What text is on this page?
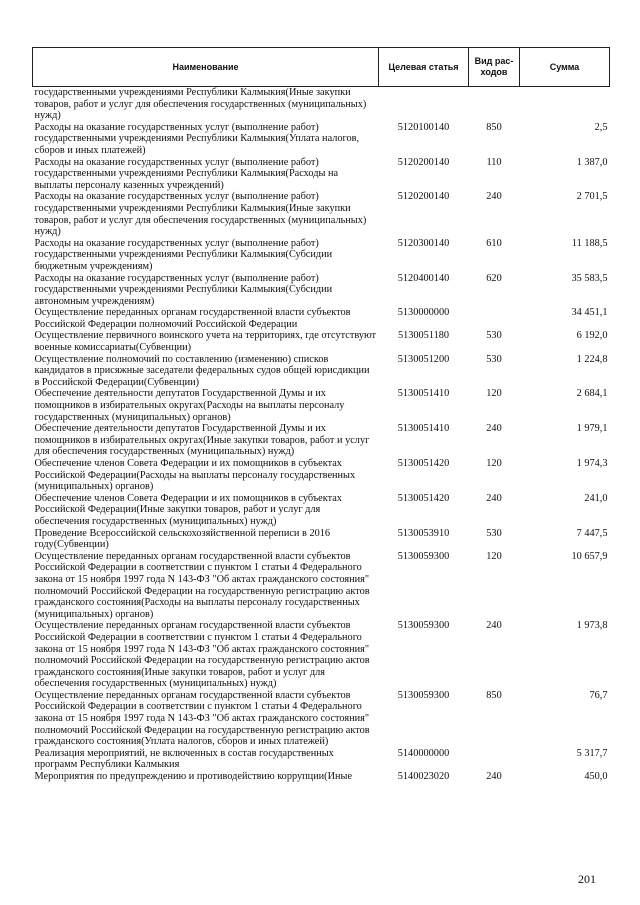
Наименование	Целевая статья	Вид рас-ходов	Сумма
государственными учреждениями Республики Калмыкия(Иные закупки товаров, работ и услуг для обеспечения государственных (муниципальных) нужд)			
Расходы на оказание государственных услуг (выполнение работ) государственными учреждениями Республики Калмыкия(Уплата налогов, сборов и иных платежей)	5120100140	850	2,5
Расходы на оказание государственных услуг (выполнение работ) государственными учреждениями Республики Калмыкия(Расходы на выплаты персоналу казенных учреждений)	5120200140	110	1 387,0
Расходы на оказание государственных услуг (выполнение работ) государственными учреждениями Республики Калмыкия(Иные закупки товаров, работ и услуг для обеспечения государственных (муниципальных) нужд)	5120200140	240	2 701,5
Расходы на оказание государственных услуг (выполнение работ) государственными учреждениями Республики Калмыкия(Субсидии бюджетным учреждениям)	5120300140	610	11 188,5
Расходы на оказание государственных услуг (выполнение работ) государственными учреждениями Республики Калмыкия(Субсидии автономным учреждениям)	5120400140	620	35 583,5
Осуществление переданных органам государственной власти субъектов Российской Федерации полномочий Российской Федерации	5130000000		34 451,1
Осуществление первичного воинского учета на территориях, где отсутствуют военные комиссариаты(Субвенции)	5130051180	530	6 192,0
Осуществление полномочий по составлению (изменению) списков кандидатов в присяжные заседатели федеральных судов общей юрисдикции в Российской Федерации(Субвенции)	5130051200	530	1 224,8
Обеспечение деятельности депутатов Государственной Думы и их помощников в избирательных округах(Расходы на выплаты персоналу государственных (муниципальных) органов)	5130051410	120	2 684,1
Обеспечение деятельности депутатов Государственной Думы и их помощников в избирательных округах(Иные закупки товаров, работ и услуг для обеспечения государственных (муниципальных) нужд)	5130051410	240	1 979,1
Обеспечение членов Совета Федерации и их помощников в субъектах Российской Федерации(Расходы на выплаты персоналу государственных (муниципальных) органов)	5130051420	120	1 974,3
Обеспечение членов Совета Федерации и их помощников в субъектах Российской Федерации(Иные закупки товаров, работ и услуг для обеспечения государственных (муниципальных) нужд)	5130051420	240	241,0
Проведение Всероссийской сельскохозяйственной переписи в 2016 году(Субвенции)	5130053910	530	7 447,5
Осуществление переданных органам государственной власти субъектов Российской Федерации в соответствии с пунктом 1 статьи 4 Федерального закона от 15 ноября 1997 года N 143-ФЗ "Об актах гражданского состояния" полномочий Российской Федерации на государственную регистрацию актов гражданского состояния(Расходы на выплаты персоналу государственных (муниципальных) органов)	5130059300	120	10 657,9
Осуществление переданных органам государственной власти субъектов Российской Федерации в соответствии с пунктом 1 статьи 4 Федерального закона от 15 ноября 1997 года N 143-ФЗ "Об актах гражданского состояния" полномочий Российской Федерации на государственную регистрацию актов гражданского состояния(Иные закупки товаров, работ и услуг для обеспечения государственных (муниципальных) нужд)	5130059300	240	1 973,8
Осуществление переданных органам государственной власти субъектов Российской Федерации в соответствии с пунктом 1 статьи 4 Федерального закона от 15 ноября 1997 года N 143-ФЗ "Об актах гражданского состояния" полномочий Российской Федерации на государственную регистрацию актов гражданского состояния(Уплата налогов, сборов и иных платежей)	5130059300	850	76,7
Реализация мероприятий, не включенных в состав государственных программ Республики Калмыкия	5140000000		5 317,7
Мероприятия по предупреждению и противодействию коррупции(Иные	5140023020	240	450,0
201
